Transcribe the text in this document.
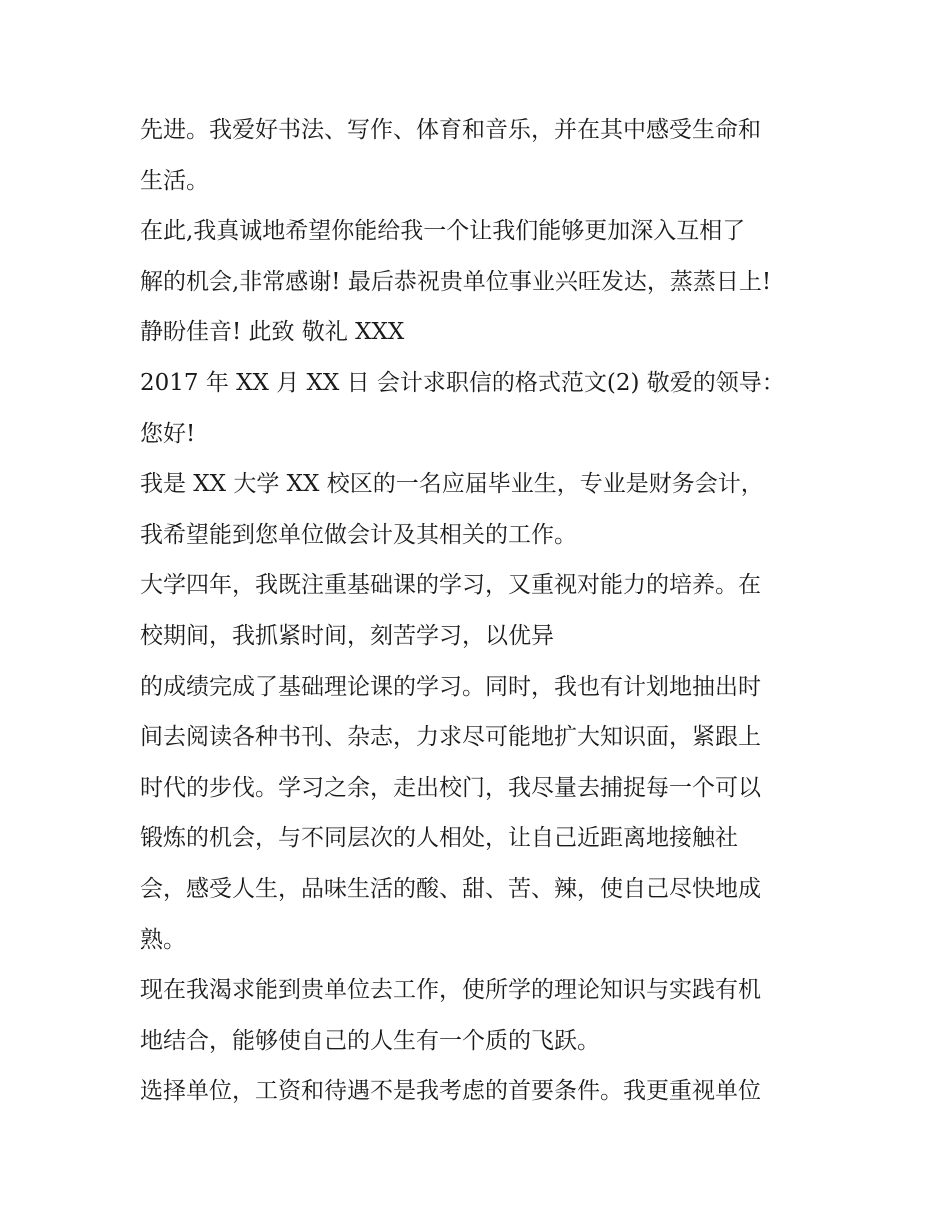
先进。我爱好书法、写作、体育和音乐，并在其中感受生命和
生活。
在此,我真诚地希望你能给我一个让我们能够更加深入互相了
解的机会,非常感谢! 最后恭祝贵单位事业兴旺发达，蒸蒸日上!
静盼佳音! 此致 敬礼 XXX
2017 年 XX 月 XX 日 会计求职信的格式范文(2) 敬爱的领导：
您好!
我是 XX 大学 XX 校区的一名应届毕业生，专业是财务会计，
我希望能到您单位做会计及其相关的工作。
大学四年，我既注重基础课的学习，又重视对能力的培养。在
校期间，我抓紧时间，刻苦学习，以优异
的成绩完成了基础理论课的学习。同时，我也有计划地抽出时
间去阅读各种书刊、杂志，力求尽可能地扩大知识面，紧跟上
时代的步伐。学习之余，走出校门，我尽量去捕捉每一个可以
锻炼的机会，与不同层次的人相处，让自己近距离地接触社
会，感受人生，品味生活的酸、甜、苦、辣，使自己尽快地成
熟。
现在我渴求能到贵单位去工作，使所学的理论知识与实践有机
地结合，能够使自己的人生有一个质的飞跃。
选择单位，工资和待遇不是我考虑的首要条件。我更重视单位
